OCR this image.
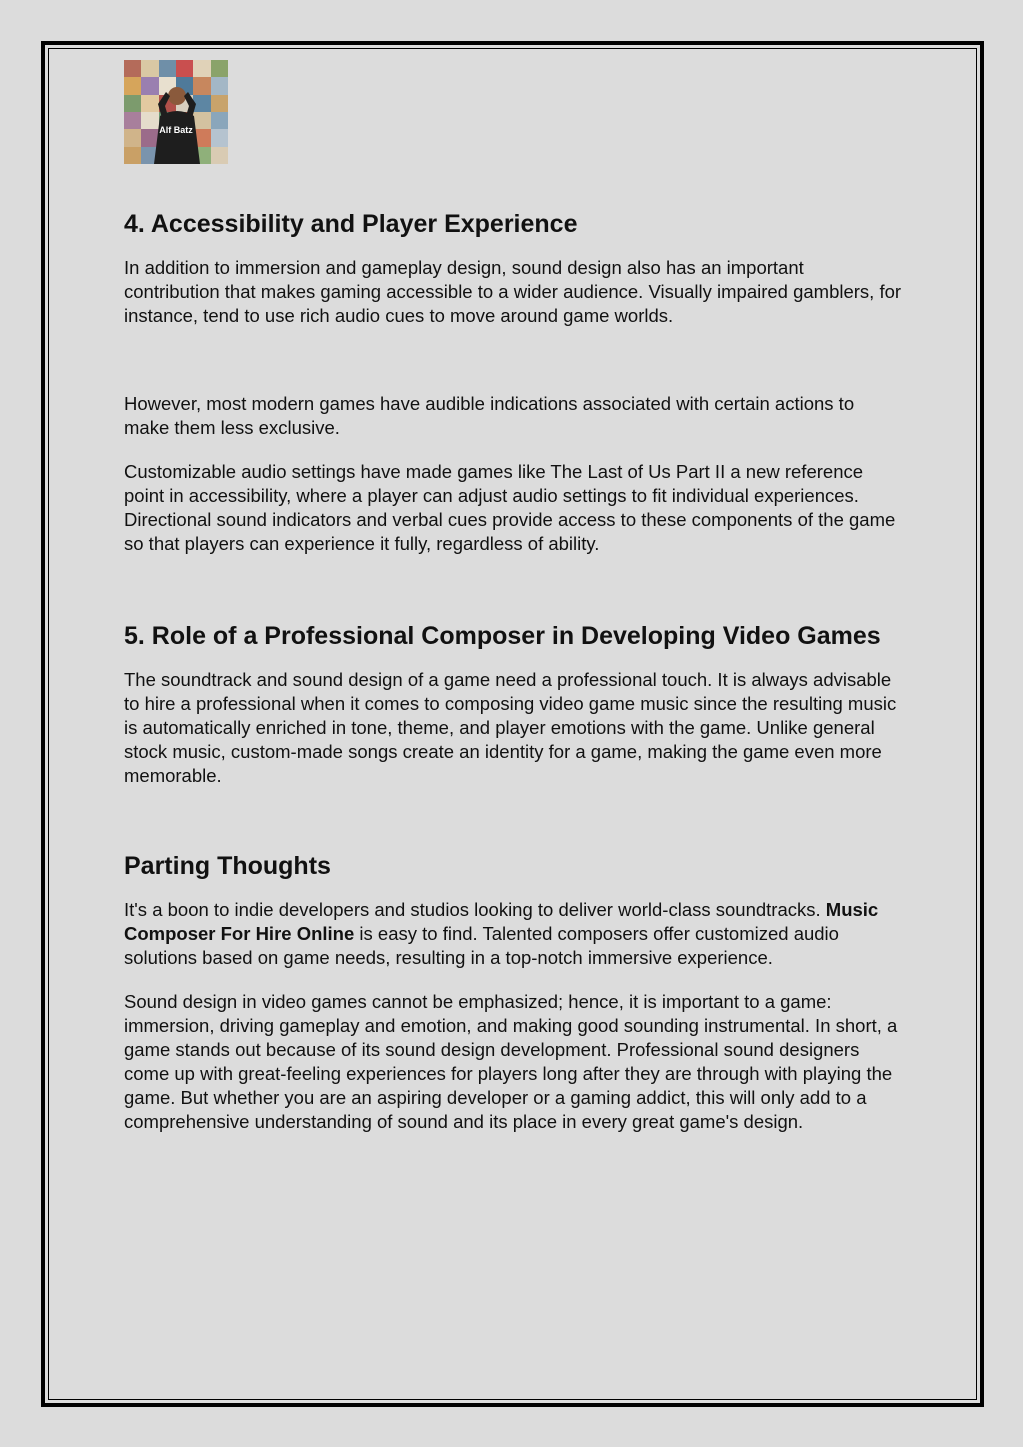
Alf Batz
4. Accessibility and Player Experience

In addition to immersion and gameplay design, sound design also has an important contribution that makes gaming accessible to a wider audience. Visually impaired gamblers, for instance, tend to use rich audio cues to move around game worlds.

However, most modern games have audible indications associated with certain actions to make them less exclusive.

Customizable audio settings have made games like The Last of Us Part II a new reference point in accessibility, where a player can adjust audio settings to fit individual experiences. Directional sound indicators and verbal cues provide access to these components of the game so that players can experience it fully, regardless of ability.

5. Role of a Professional Composer in Developing Video Games

The soundtrack and sound design of a game need a professional touch. It is always advisable to hire a professional when it comes to composing video game music since the resulting music is automatically enriched in tone, theme, and player emotions with the game. Unlike general stock music, custom-made songs create an identity for a game, making the game even more memorable.

Parting Thoughts

It's a boon to indie developers and studios looking to deliver world-class soundtracks. Music Composer For Hire Online is easy to find. Talented composers offer customized audio solutions based on game needs, resulting in a top-notch immersive experience.

Sound design in video games cannot be emphasized; hence, it is important to a game: immersion, driving gameplay and emotion, and making good sounding instrumental. In short, a game stands out because of its sound design development. Professional sound designers come up with great-feeling experiences for players long after they are through with playing the game. But whether you are an aspiring developer or a gaming addict, this will only add to a comprehensive understanding of sound and its place in every great game's design.
